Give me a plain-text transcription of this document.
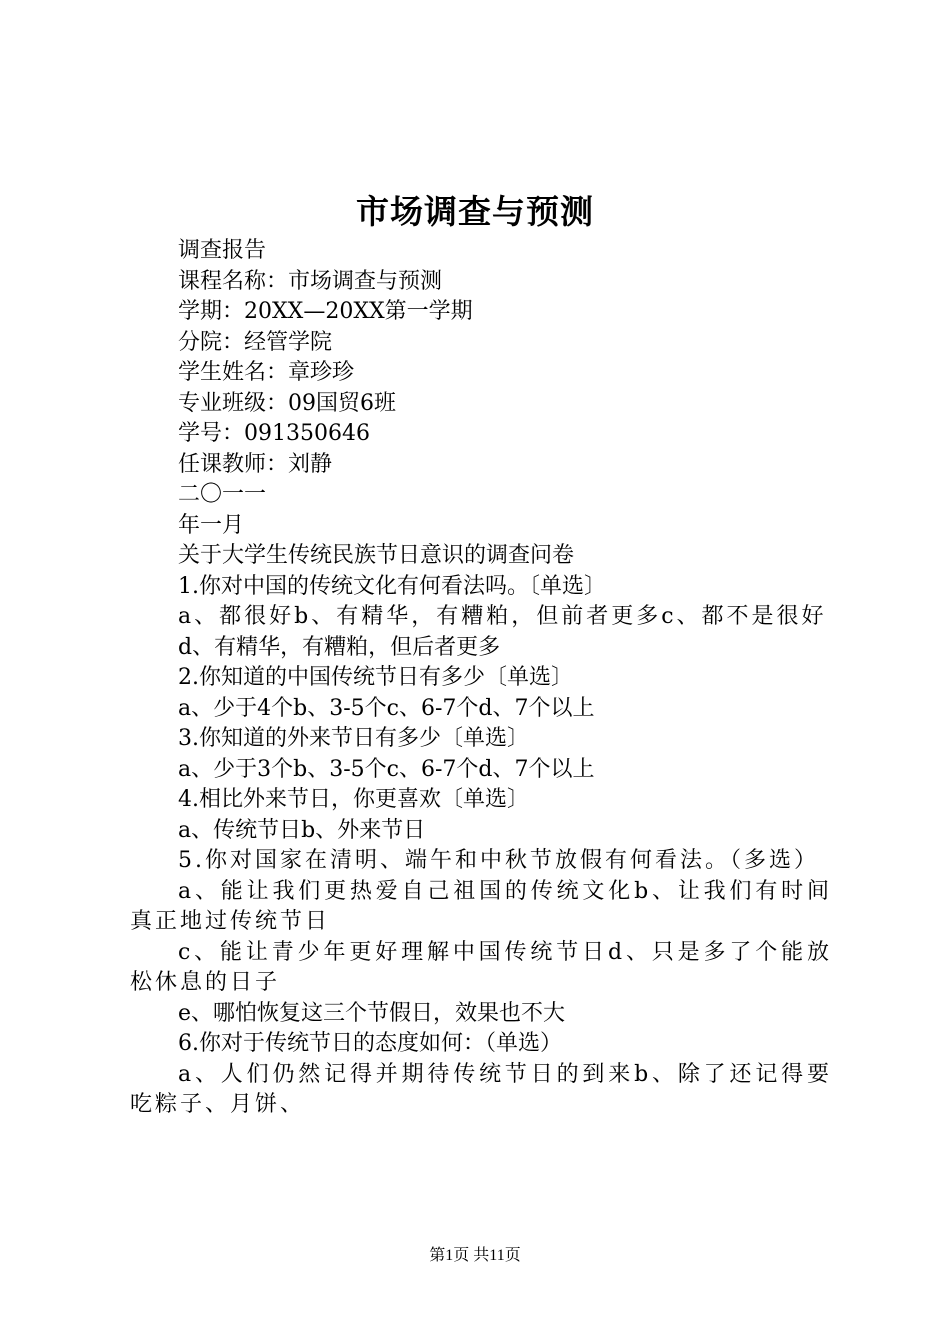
市场调查与预测

调查报告

课程名称：市场调查与预测

学期：20XX—20XX第一学期

分院：经管学院

学生姓名：章珍珍

专业班级：09国贸6班

学号：091350646

任课教师：刘静

二〇一一

年一月

关于大学生传统民族节日意识的调查问卷

1.你对中国的传统文化有何看法吗。〔单选〕

a、都很好b、有精华，有糟粕，但前者更多c、都不是很好

d、有精华，有糟粕，但后者更多

2.你知道的中国传统节日有多少〔单选〕

a、少于4个b、3-5个c、6-7个d、7个以上

3.你知道的外来节日有多少〔单选〕

a、少于3个b、3-5个c、6-7个d、7个以上

4.相比外来节日，你更喜欢〔单选〕

a、传统节日b、外来节日

5.你对国家在清明、端午和中秋节放假有何看法。（多选）

a、能让我们更热爱自己祖国的传统文化b、让我们有时间真正地过传统节日

c、能让青少年更好理解中国传统节日d、只是多了个能放松休息的日子

e、哪怕恢复这三个节假日，效果也不大

6.你对于传统节日的态度如何：（单选）

a、人们仍然记得并期待传统节日的到来b、除了还记得要吃粽子、月饼、

第1页 共11页
